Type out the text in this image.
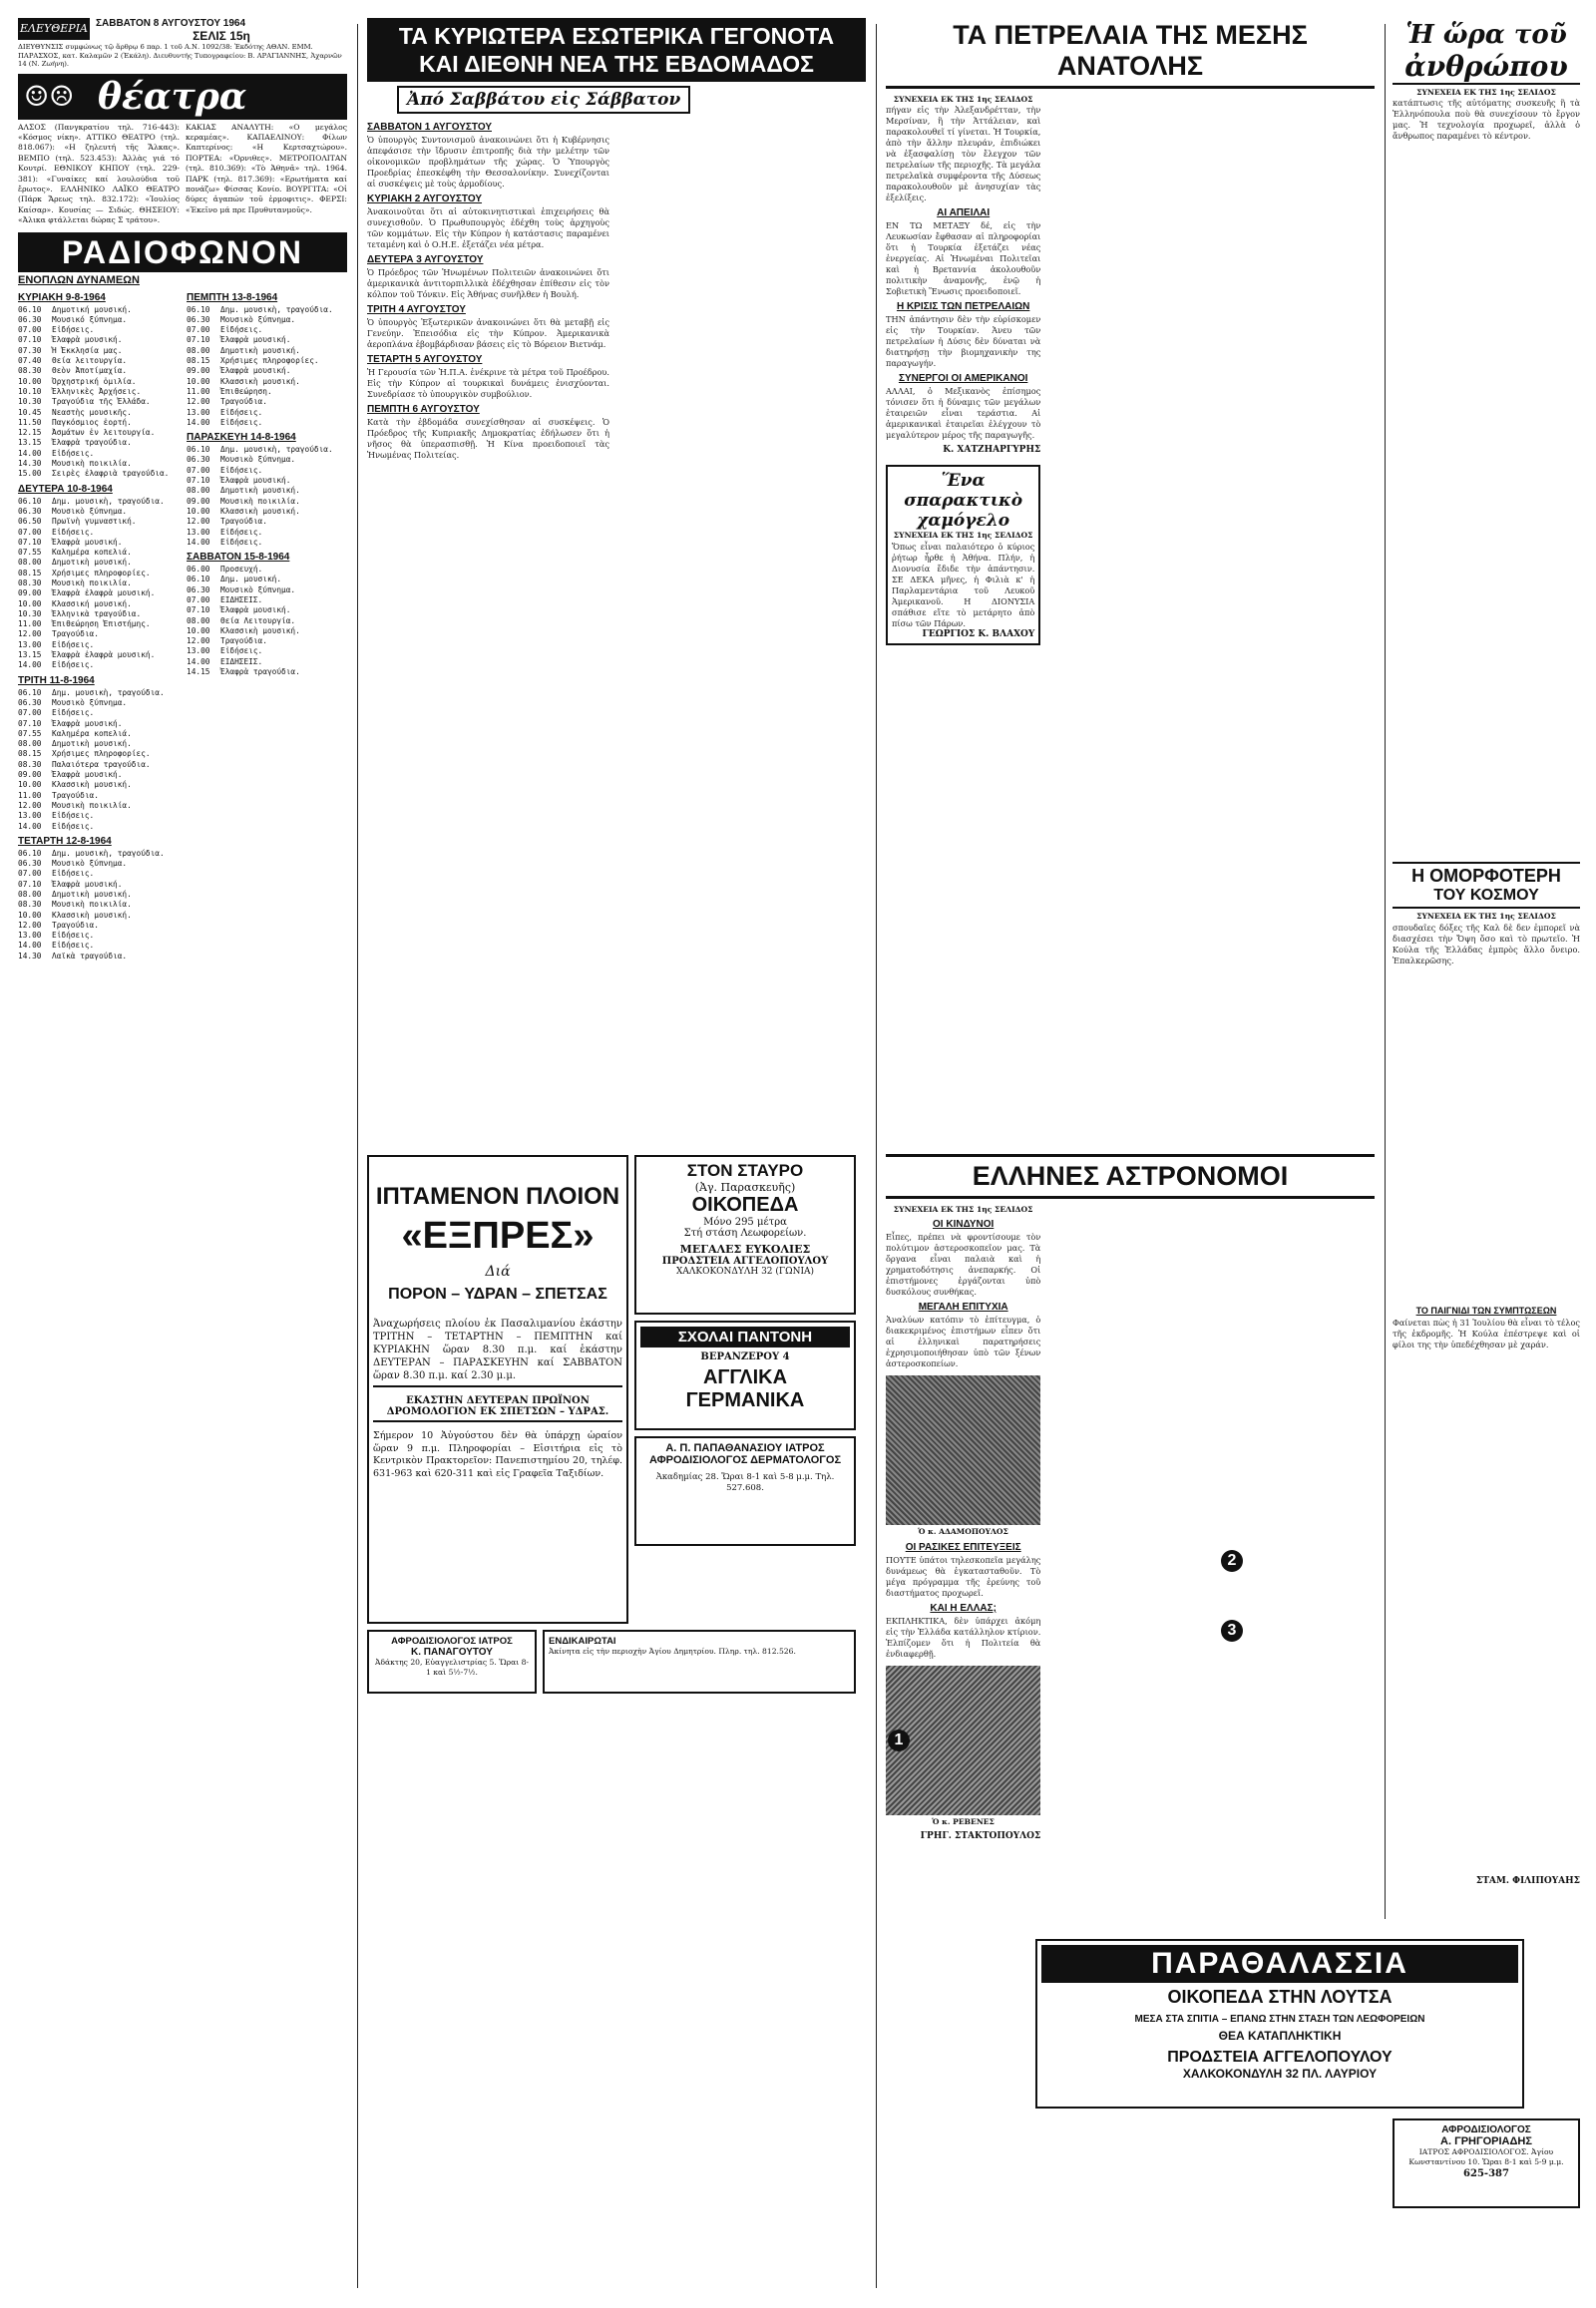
ΕΛΕΥΘΕΡΙΑ ΣΑΒΒΑΤΟΝ 8 ΑΥΓΟΥΣΤΟΥ 1964
ΣΕΛΙΣ 15η
ΔΙΕΥΘΥΝΣΙΣ συμφώνως τῷ ἄρθρῳ 6 παρ. 1 τοῦ Α.Ν. 1092/38: Ἐκδότης ΑΘΑΝ. ΕΜΜ. ΠΑΡΑΣΧΟΣ, κατ. Καλαμῶν 2 (Ἐκάλη). Διευθυντής Τυπογραφείου: Β. ΑΡΑΓΙΑΝΝΗΣ, Ἀχαρνῶν 14 (Ν. Ζωήνη).
☺☹ θέατρα
ΑΛΣΟΣ (Πανγκρατίου τηλ. 716-443): «Κόσμος νίκη». ΑΤΤΙΚΟ ΘΕΑΤΡΟ (τηλ. 818.067): «Η ζηλευτή τῆς Ἄλκας». ΒΕΜΠΟ (τηλ. 523.453): Ἀλλὰς γιά τό Κουτρί. ΕΘΝΙΚΟΥ ΚΗΠΟΥ (τηλ. 229-381): «Γυναίκες καί λουλούδια τοῦ ἔρωτος». ΕΛΛΗΝΙΚΟ ΛΑΪΚΟ ΘΕΑΤΡΟ (Πάρκ Ἄρεως τηλ. 832.172): «Ἰουλίος Καίσαρ». Κουσίας — Σιδώς. ΘΗΣΕΙΟΥ: «Ἀλικα φτάλλεται δώρας Σ τράτου».
ΚΑΚΙΑΣ ΑΝΑΛΥΤΗ: «Ο μεγάλος κεραμέας». ΚΑΠΑΕΛΙΝΟΥ: Φίλων Καπτερίνος: «Η Κερτσαχτώρου». ΠΟΡΤΕΑ: «Όρνιθες». ΜΕΤΡΟΠΟΛΙΤΑΝ (τηλ. 810.369): «Τὸ Ἀθηνᾶ» τηλ. 1964. ΠΑΡΚ (τηλ. 817.369): «Ερωτήματα καί πονάζω» Φίσσας Κονίο. ΒΟΥΡΓΙΤΑ: «Οἱ δύρες ἀγαπών τοῦ ἐρμοφιτις». ΦΕΡΣΙ: «Ἐκεῖνο μά πρε Πρυθυτανμοῦς».
ΡΑΔΙΟΦΩΝΟΝ
ΕΝΟΠΛΩΝ ΔΥΝΑΜΕΩΝ
ΚΥΡΙΑΚΗ 9-8-1964
06.10	Δημοτική μουσική.
06.30	Μουσικό ξύπνημα.
07.00	Εἰδήσεις.
07.10	Ἐλαφρὰ μουσική.
07.30	Ἡ Ἐκκλησία μας.
07.40	Θεία λειτουργία.
08.30	Θεὸν Ἀποτίμαχία.
10.00	Ὀρχηστρική ὁμιλία.
10.10	Ἐλληνικὲς Ἀρχήσεις.
10.30	Τραγούδια τῆς Ἐλλάδα.
10.45	Νεαστὴς μουσικῆς.
11.50	Παγκόσμιος ἑορτή.
12.15	Ἀσμάτων ἐν λειτουργία.
13.15	Ἐλαφρὰ τραγούδια.
14.00	Εἰδήσεις.
14.30	Μουσικὴ ποικιλία.
15.00	Σειρὲς ἐλαφριὰ τραγούδια.
ΔΕΥΤΕΡΑ 10-8-1964
06.10	Δημ. μουσικὴ, τραγούδια.
06.30	Μουσικὸ ξύπνημα.
06.50	Πρωϊνὴ γυμναστική.
07.00	Εἰδήσεις.
07.10	Ἐλαφρὰ μουσική.
07.55	Καλημέρα κοπελιά.
08.00	Δημοτικὴ μουσική.
08.15	Χρήσιμες πληροφορίες.
08.30	Μουσικὴ ποικιλία.
09.00	Ἐλαφρὰ ἐλαφρὰ μουσική.
10.00	Κλασσική μουσική.
10.30	Ἐλληνικὰ τραγούδια.
11.00	Ἐπιθεώρηση Ἐπιστήμης.
12.00	Τραγούδια.
13.00	Εἰδήσεις.
13.15	Ἐλαφρὰ ἐλαφρὰ μουσική.
14.00	Εἰδήσεις.
ΤΡΙΤΗ 11-8-1964
06.10	Δημ. μουσικὴ, τραγούδια.
06.30	Μουσικὸ ξύπνημα.
07.00	Εἰδήσεις.
07.10	Ἐλαφρὰ μουσική.
07.55	Καλημέρα κοπελιά.
08.00	Δημοτικὴ μουσική.
08.15	Χρήσιμες πληροφορίες.
08.30	Παλαιότερα τραγούδια.
09.00	Ἐλαφρὰ μουσική.
10.00	Κλασσικὴ μουσική.
11.00	Τραγούδια.
12.00	Μουσικὴ ποικιλία.
13.00	Εἰδήσεις.
14.00	Εἰδήσεις.
ΤΕΤΑΡΤΗ 12-8-1964
06.10	Δημ. μουσικὴ, τραγούδια.
06.30	Μουσικὸ ξύπνημα.
07.00	Εἰδήσεις.
07.10	Ἐλαφρὰ μουσική.
08.00	Δημοτικὴ μουσική.
08.30	Μουσικὴ ποικιλία.
10.00	Κλασσικὴ μουσική.
12.00	Τραγούδια.
13.00	Εἰδήσεις.
14.00	Εἰδήσεις.
14.30	Λαϊκὰ τραγούδια.
ΠΕΜΠΤΗ 13-8-1964
06.10	Δημ. μουσικὴ, τραγούδια.
06.30	Μουσικὸ ξύπνημα.
07.00	Εἰδήσεις.
07.10	Ἐλαφρὰ μουσική.
08.00	Δημοτικὴ μουσική.
08.15	Χρήσιμες πληροφορίες.
09.00	Ἐλαφρὰ μουσική.
10.00	Κλασσικὴ μουσική.
11.00	Ἐπιθεώρηση.
12.00	Τραγούδια.
13.00	Εἰδήσεις.
14.00	Εἰδήσεις.
ΠΑΡΑΣΚΕΥΗ 14-8-1964
06.10	Δημ. μουσικὴ, τραγούδια.
06.30	Μουσικὸ ξύπνημα.
07.00	Εἰδήσεις.
07.10	Ἐλαφρὰ μουσική.
08.00	Δημοτικὴ μουσική.
09.00	Μουσικὴ ποικιλία.
10.00	Κλασσικὴ μουσική.
12.00	Τραγούδια.
13.00	Εἰδήσεις.
14.00	Εἰδήσεις.
ΣΑΒΒΑΤΟΝ 15-8-1964
06.00	Προσευχή.
06.10	Δημ. μουσική.
06.30	Μουσικὸ ξύπνημα.
07.00	ΕΙΔΗΣΕΙΣ.
07.10	Ἐλαφρὰ μουσική.
08.00	Θεία Λειτουργία.
10.00	Κλασσικὴ μουσική.
12.00	Τραγούδια.
13.00	Εἰδήσεις.
14.00	ΕΙΔΗΣΕΙΣ.
14.15	Ἐλαφρὰ τραγούδια.
ΤΑ ΚΥΡΙΩΤΕΡΑ ΕΣΩΤΕΡΙΚΑ ΓΕΓΟΝΟΤΑ
ΚΑΙ ΔΙΕΘΝΗ ΝΕΑ ΤΗΣ ΕΒΔΟΜΑΔΟΣ
Ἀπό Σαββάτου εἰς Σάββατον
ΣΑΒΒΑΤΟΝ 1 ΑΥΓΟΥΣΤΟΥ
Ὁ ὑπουργὸς Συντονισμοῦ ἀνακοινώνει ὅτι ἡ Κυβέρνησις ἀπεφάσισε τὴν ἵδρυσιν ἐπιτροπῆς διὰ τὴν μελέτην τῶν οἰκονομικῶν προβλημάτων τῆς χώρας. Ὁ Ὑπουργὸς Προεδρίας ἐπεσκέφθη τὴν Θεσσαλονίκην. Συνεχίζονται αἱ συσκέψεις μὲ τοὺς ἀρμοδίους.
ΚΥΡΙΑΚΗ 2 ΑΥΓΟΥΣΤΟΥ
Ἀνακοινοῦται ὅτι αἱ αὐτοκινητιστικαὶ ἐπιχειρήσεις θὰ συνεχισθοῦν. Ὁ Πρωθυπουργὸς ἐδέχθη τοὺς ἀρχηγοὺς τῶν κομμάτων. Εἰς τὴν Κύπρον ἡ κατάστασις παραμένει τεταμένη καὶ ὁ Ο.Η.Ε. ἐξετάζει νέα μέτρα.
ΔΕΥΤΕΡΑ 3 ΑΥΓΟΥΣΤΟΥ
Ὁ Πρόεδρος τῶν Ἡνωμένων Πολιτειῶν ἀνακοινώνει ὅτι ἀμερικανικὰ ἀντιτορπιλλικὰ ἐδέχθησαν ἐπίθεσιν εἰς τὸν κόλπον τοῦ Τόνκιν. Εἰς Ἀθήνας συνῆλθεν ἡ Βουλή.
ΤΡΙΤΗ 4 ΑΥΓΟΥΣΤΟΥ
Ὁ ὑπουργὸς Ἐξωτερικῶν ἀνακοινώνει ὅτι θὰ μεταβῇ εἰς Γενεύην. Ἐπεισόδια εἰς τὴν Κύπρον. Ἀμερικανικὰ ἀεροπλάνα ἐβομβάρδισαν βάσεις εἰς τὸ Βόρειον Βιετνάμ.
ΤΕΤΑΡΤΗ 5 ΑΥΓΟΥΣΤΟΥ
Ἡ Γερουσία τῶν Ἡ.Π.Α. ἐνέκρινε τὰ μέτρα τοῦ Προέδρου. Εἰς τὴν Κύπρον αἱ τουρκικαὶ δυνάμεις ἐνισχύονται. Συνεδρίασε τὸ ὑπουργικὸν συμβούλιον.
ΠΕΜΠΤΗ 6 ΑΥΓΟΥΣΤΟΥ
Κατὰ τὴν ἐβδομάδα συνεχίσθησαν αἱ συσκέψεις. Ὁ Πρόεδρος τῆς Κυπριακῆς Δημοκρατίας ἐδήλωσεν ὅτι ἡ νῆσος θὰ ὑπερασπισθῇ. Ἡ Κίνα προειδοποιεῖ τὰς Ἡνωμένας Πολιτείας.
ΙΠΤΑΜΕΝΟΝ ΠΛΟΙΟΝ
«ΕΞΠΡΕΣ»
Διά
ΠΟΡΟΝ – ΥΔΡΑΝ – ΣΠΕΤΣΑΣ
Ἀναχωρήσεις πλοίου ἐκ Πασαλιμανίου ἑκάστην ΤΡΙΤΗΝ – ΤΕΤΑΡΤΗΝ – ΠΕΜΠΤΗΝ καί ΚΥΡΙΑΚΗΝ ὥραν 8.30 π.μ. καί ἑκάστην ΔΕΥΤΕΡΑΝ – ΠΑΡΑΣΚΕΥΗΝ καί ΣΑΒΒΑΤΟΝ ὥραν 8.30 π.μ. καί 2.30 μ.μ.
ΕΚΑΣΤΗΝ ΔΕΥΤΕΡΑΝ ΠΡΩΪΝΟΝ ΔΡΟΜΟΛΟΓΙΟΝ ΕΚ ΣΠΕΤΣΩΝ – ΥΔΡΑΣ.
Σήμερον 10 Ἀὐγούστου δὲν θὰ ὑπάρχῃ ὡραίον ὥραν 9 π.μ. Πληροφορίαι – Εἰσιτήρια εἰς τὸ Κεντρικὸν Πρακτορεῖον: Πανεπιστημίου 20, τηλέφ. 631-963 καὶ 620-311 καὶ εἰς Γραφεῖα Ταξιδίων.
ΣΤΟΝ ΣΤΑΥΡΟ
(Ἀγ. Παρασκευῆς)
ΟΙΚΟΠΕΔΑ
Μόνο 295 μέτρα
Στή στάση Λεωφορείων.
ΜΕΓΑΛΕΣ ΕΥΚΟΛΙΕΣ
ΠΡΟΔΣΤΕΙΑ ΑΓΓΕΛΟΠΟΥΛΟΥ
ΧΑΛΚΟΚΟΝΔΥΛΗ 32 (ΓΩΝΙΑ)
ΣΧΟΛΑΙ ΠΑΝΤΟΝΗ
ΒΕΡΑΝΖΕΡΟΥ 4
ΑΓΓΛΙΚΑ
ΓΕΡΜΑΝΙΚΑ
Α. Π. ΠΑΠΑΘΑΝΑΣΙΟΥ ΙΑΤΡΟΣ ΑΦΡΟΔΙΣΙΟΛΟΓΟΣ ΔΕΡΜΑΤΟΛΟΓΟΣ
Ἀκαδημίας 28. Ὥραι 8-1 καὶ 5-8 μ.μ. Τηλ. 527.608.
ΑΦΡΟΔΙΣΙΟΛΟΓΟΣ ΙΑΤΡΟΣ
Κ. ΠΑΝΑΓΟΥΤΟΥ
Ἀδάκτης 20, Εὐαγγελιστρίας 5. Ὥραι 8-1 καὶ 5½-7½.
ΕΝΔΙΚΑΙΡΩΤΑΙ
Ἀκίνητα εἰς τὴν περιοχὴν Ἀγίου Δημητρίου. Πληρ. τηλ. 812.526.
ΤΑ ΠΕΤΡΕΛΑΙΑ ΤΗΣ ΜΕΣΗΣ ΑΝΑΤΟΛΗΣ
ΣΥΝΕΧΕΙΑ ΕΚ ΤΗΣ 1ης ΣΕΛΙΔΟΣ
πήγαν εἰς τὴν Ἀλεξανδρέτταν, τὴν Μερσίναν, ἢ τὴν Ἀττάλειαν, καὶ παρακολουθεῖ τί γίνεται. Ἡ Τουρκία, ἀπὸ τὴν ἄλλην πλευράν, ἐπιδιώκει νὰ ἐξασφαλίσῃ τὸν ἔλεγχον τῶν πετρελαίων τῆς περιοχῆς. Τὰ μεγάλα πετρελαϊκὰ συμφέροντα τῆς Δύσεως παρακολουθοῦν μὲ ἀνησυχίαν τὰς ἐξελίξεις.
ΑΙ ΑΠΕΙΛΑΙ
ΕΝ ΤΩ ΜΕΤΑΞΥ δέ, εἰς τὴν Λευκωσίαν ἔφθασαν αἱ πληροφορίαι ὅτι ἡ Τουρκία ἐξετάζει νέας ἐνεργείας. Αἱ Ἡνωμέναι Πολιτεῖαι καὶ ἡ Βρεταννία ἀκολουθοῦν πολιτικὴν ἀναμονῆς, ἐνῷ ἡ Σοβιετικὴ Ἕνωσις προειδοποιεῖ.
Η ΚΡΙΣΙΣ ΤΩΝ ΠΕΤΡΕΛΑΙΩΝ
ΤΗΝ ἀπάντησιν δὲν τὴν εὑρίσκομεν εἰς τὴν Τουρκίαν. Ἀνευ τῶν πετρελαίων ἡ Δύσις δὲν δύναται νὰ διατηρήσῃ τὴν βιομηχανικὴν της παραγωγήν.
ΣΥΝΕΡΓΟΙ ΟΙ ΑΜΕΡΙΚΑΝΟΙ
ΑΛΛΑΙ, ὁ Μεξικανὸς ἐπίσημος τόνισεν ὅτι ἡ δύναμις τῶν μεγάλων ἑταιρειῶν εἶναι τεράστια. Αἱ ἀμερικανικαὶ ἑταιρεῖαι ἐλέγχουν τὸ μεγαλύτερον μέρος τῆς παραγωγῆς.
Κ. ΧΑΤΖΗΑΡΓΥΡΗΣ
Ἕνα σπαρακτικὸ χαμόγελο
ΣΥΝΕΧΕΙΑ ΕΚ ΤΗΣ 1ης ΣΕΛΙΔΟΣ
Ὅπως εἶναι παλαιότερο ὁ κύριος ῥήτωρ ἦρθε ἡ Ἀθήνα. Πλήν, ἡ Διονυσία ἔδιδε τὴν ἀπάντησιν. ΣΕ ΔΕΚΑ μῆνες, ἡ Φιλιὰ κ' ἡ Παρλαμεντάρια τοῦ Λευκοῦ Ἀμερικανοῦ. Η ΔΙΟΝΥΣΙΑ σπάθισε εἴτε τὸ μετάρητο ἀπὸ πίσω τῶν Πάρων.
ΓΕΩΡΓΙΟΣ Κ. ΒΛΑΧΟΥ
ΕΛΛΗΝΕΣ ΑΣΤΡΟΝΟΜΟΙ
ΣΥΝΕΧΕΙΑ ΕΚ ΤΗΣ 1ης ΣΕΛΙΔΟΣ
ΟΙ ΚΙΝΔΥΝΟΙ
Εἶπες, πρέπει νὰ φροντίσουμε τὸν πολύτιμον ἀστεροσκοπεῖον μας. Τὰ ὄργανα εἶναι παλαιὰ καὶ ἡ χρηματοδότησις ἀνεπαρκής. Οἱ ἐπιστήμονες ἐργάζονται ὑπὸ δυσκόλους συνθήκας.
ΜΕΓΑΛΗ ΕΠΙΤΥΧΙΑ
Ἀναλύων κατόπιν τὸ ἐπίτευγμα, ὁ διακεκριμένος ἐπιστήμων εἶπεν ὅτι αἱ ἐλληνικαὶ παρατηρήσεις ἐχρησιμοποιήθησαν ὑπὸ τῶν ξένων ἀστεροσκοπείων.
Ὁ κ. ΑΔΑΜΟΠΟΥΛΟΣ
ΟΙ ΡΑΣΙΚΕΣ ΕΠΙΤΕΥΞΕΙΣ
ΠΟΥΤΕ ὑπάτοι τηλεσκοπεῖα μεγάλης δυνάμεως θὰ ἐγκατασταθοῦν. Τὸ μέγα πρόγραμμα τῆς ἐρεύνης τοῦ διαστήματος προχωρεῖ.
ΚΑΙ Η ΕΛΛΑΣ;
ΕΚΠΛΗΚΤΙΚΑ, δὲν ὑπάρχει ἀκόμη εἰς τὴν Ἑλλάδα κατάλληλον κτίριον. Ἐλπίζομεν ὅτι ἡ Πολιτεία θὰ ἐνδιαφερθῇ.
Ὁ κ. ΡΕΒΕΝΕΣ
ΓΡΗΓ. ΣΤΑΚΤΟΠΟΥΛΟΣ
1
2
3
ΠΑΡΑΘΑΛΑΣΣΙΑ
ΟΙΚΟΠΕΔΑ ΣΤΗΝ ΛΟΥΤΣΑ
ΜΕΣΑ ΣΤΑ ΣΠΙΤΙΑ – ΕΠΑΝΩ ΣΤΗΝ ΣΤΑΣΗ ΤΩΝ ΛΕΩΦΟΡΕΙΩΝ
ΘΕΑ ΚΑΤΑΠΛΗΚΤΙΚΗ
ΠΡΟΔΣΤΕΙΑ ΑΓΓΕΛΟΠΟΥΛΟΥ
ΧΑΛΚΟΚΟΝΔΥΛΗ 32 ΠΛ. ΛΑΥΡΙΟΥ
Ἡ ὥρα τοῦ
ἀνθρώπου
ΣΥΝΕΧΕΙΑ ΕΚ ΤΗΣ 1ης ΣΕΛΙΔΟΣ
κατάπτωσις τῆς αὐτόματης συσκευῆς ἢ τὰ Ἑλληνόπουλα ποὺ θὰ συνεχίσουν τὸ ἔργον μας. Ἡ τεχνολογία προχωρεῖ, ἀλλὰ ὁ ἄνθρωπος παραμένει τὸ κέντρον.
Η ΟΜΟΡΦΟΤΕΡΗ
ΤΟΥ ΚΟΣΜΟΥ
ΣΥΝΕΧΕΙΑ ΕΚ ΤΗΣ 1ης ΣΕΛΙΔΟΣ
σπουδαῖες δόξες τῆς Καλ δὲ δεν ἐμπορεῖ νὰ διασχέσει τὴν Ὄψη ὅσο καὶ τὸ πρωτεῖο. Ἡ Κούλα τῆς Ἑλλάδας ἐμπρὸς ἄλλο ὄνειρο. Ἐπαλκερῶσης.
ΤΟ ΠΑΙΓΝΙΔΙ ΤΩΝ ΣΥΜΠΤΩΣΕΩΝ
Φαίνεται πὼς ἡ 31 Ἰουλίου θὰ εἶναι τὸ τέλος τῆς ἐκδρομῆς. Ἡ Κούλα ἐπέστρεψε καὶ οἱ φίλοι της τὴν ὑπεδέχθησαν μὲ χαράν.
ΣΤΑΜ. ΦΙΛΙΠΟΥΑΗΣ
ΑΦΡΟΔΙΣΙΟΛΟΓΟΣ
Α. ΓΡΗΓΟΡΙΑΔΗΣ
ΙΑΤΡΟΣ ΑΦΡΟΔΙΣΙΟΛΟΓΟΣ. Ἀγίου Κωνσταντίνου 10. Ὥραι 8-1 καὶ 5-9 μ.μ.
625-387
